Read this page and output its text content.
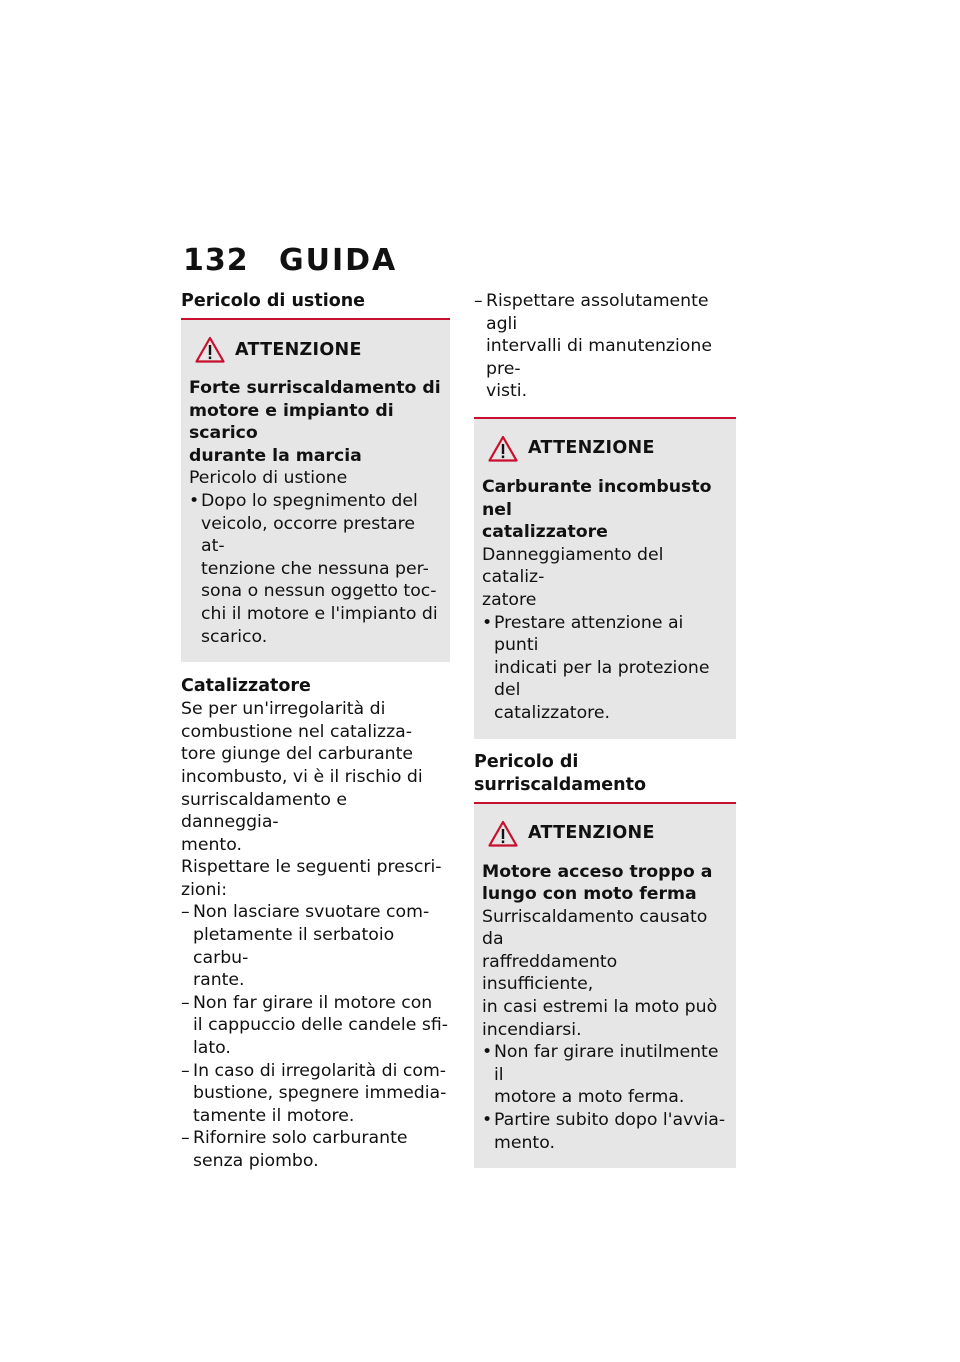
132	GUIDA
Pericolo di ustione
ATTENZIONE
Forte surriscaldamento di
motore e impianto di scarico
durante la marcia
Pericolo di ustione
• Dopo lo spegnimento del
veicolo, occorre prestare at-
tenzione che nessuna per-
sona o nessun oggetto toc-
chi il motore e l'impianto di
scarico.
Catalizzatore
Se per un'irregolarità di
combustione nel catalizza-
tore giunge del carburante
incombusto, vi è il rischio di
surriscaldamento e danneggia-
mento.
Rispettare le seguenti prescri-
zioni:
– Non lasciare svuotare com-
pletamente il serbatoio carbu-
rante.
– Non far girare il motore con
il cappuccio delle candele sfi-
lato.
– In caso di irregolarità di com-
bustione, spegnere immedia-
tamente il motore.
– Rifornire solo carburante
senza piombo.
– Rispettare assolutamente agli
intervalli di manutenzione pre-
visti.
ATTENZIONE
Carburante incombusto nel
catalizzatore
Danneggiamento del cataliz-
zatore
• Prestare attenzione ai punti
indicati per la protezione del
catalizzatore.
Pericolo di surriscaldamento
ATTENZIONE
Motore acceso troppo a
lungo con moto ferma
Surriscaldamento causato da
raffreddamento insufficiente,
in casi estremi la moto può
incendiarsi.
• Non far girare inutilmente il
motore a moto ferma.
• Partire subito dopo l'avvia-
mento.
